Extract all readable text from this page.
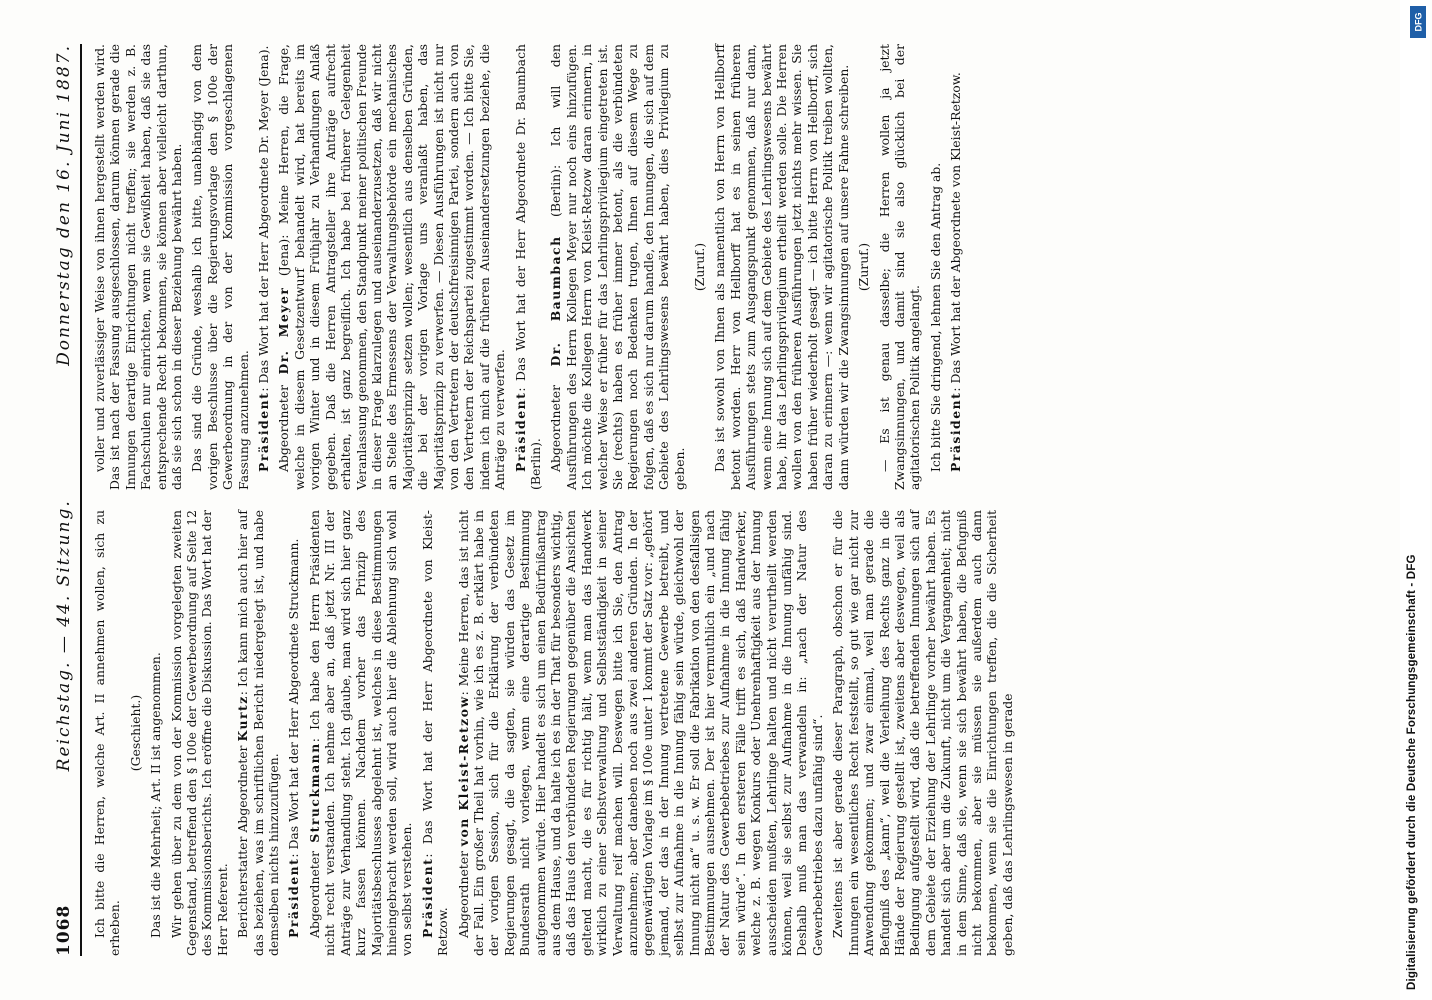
1068
Reichstag. — 44. Sitzung.
Donnerstag den 16. Juni 1887.

Ich bitte die Herren, welche Art. II annehmen wollen, sich zu erheben.

(Geschieht.) Das ist die Mehrheit; Art. II ist angenommen. Wir gehen über zu dem von der Kommission vorgelegten zweiten Gegenstand, betreffend den § 100e der Gewerbeordnung auf Seite 12 des Kommissionsberichts. Ich eröffne die Diskussion. Das Wort hat der Herr Referent. Berichterstatter Abgeordneter Kurtz: Ich kann mich auch hier auf das beziehen, was im schriftlichen Bericht niedergelegt ist, und habe demselben nichts hinzuzufügen. Präsident: Das Wort hat der Herr Abgeordnete Struckmann.

Abgeordneter Struckmann: Ich habe den Herrn Präsidenten nicht recht verstanden. Ich nehme aber an, daß jetzt Nr. III der Anträge zur Verhandlung steht. Ich glaube, man wird sich hier ganz kurz fassen können. Nachdem vorher das Prinzip des Majoritätsbeschlusses abgelehnt ist, welches in diese Bestimmungen hineingebracht werden soll, wird auch hier die Ablehnung sich wohl von selbst verstehen. Präsident: Das Wort hat der Herr Abgeordnete von Kleist-Retzow. Abgeordneter von Kleist-Retzow: Meine Herren, das ist nicht der Fall. Ein großer Theil hat vorhin, wie ich es z. B. erklärt habe in der vorigen Session, sich für die Erklärung der verbündeten Regierungen gesagt, die da sagten, sie würden das Gesetz im Bundesrath nicht vorlegen, wenn eine derartige Bestimmung aufgenommen würde. Hier handelt es sich um einen Bedürfnißantrag aus dem Hause, und da halte ich es in der That für besonders wichtig, daß das Haus den verbündeten Regierungen gegenüber die Ansichten geltend macht, die es für richtig hält, wenn man das Handwerk wirklich zu einer Selbstverwaltung und Selbstständigkeit in seiner Verwaltung reif machen will. Deswegen bitte ich Sie, den Antrag anzunehmen; aber daneben noch aus zwei anderen Gründen. In der gegenwärtigen Vorlage im § 100e unter 1 kommt der Satz vor: „gehört jemand, der das in der Innung vertretene Gewerbe betreibt, und selbst zur Aufnahme in die Innung fähig sein würde, gleichwohl der Innung nicht an“ u. s. w. Er soll die Fabrikation von den desfallsigen Bestimmungen ausnehmen. Der ist hier vermuthlich ein „und nach der Natur des Gewerbebetriebes zur Aufnahme in die Innung fähig sein würde“. In den ersteren Fälle trifft es sich, daß Handwerker, welche z. B. wegen Konkurs oder Unehrenhaftigkeit aus der Innung ausscheiden mußten, Lehrlinge halten und nicht verurtheilt werden können, weil sie selbst zur Aufnahme in die Innung unfähig sind. Deshalb muß man das verwandeln in: „nach der Natur des Gewerbebetriebes dazu unfähig sind“. Zweitens ist aber gerade dieser Paragraph, obschon er für die Innungen ein wesentliches Recht feststellt, so gut wie gar nicht zur Anwendung gekommen; und zwar einmal, weil man gerade die Befugniß des „kann“, weil die Verleihung des Rechts ganz in die Hände der Regierung gestellt ist, zweitens aber deswegen, weil als Bedingung aufgestellt wird, daß die betreffenden Innungen sich auf dem Gebiete der Erziehung der Lehrlinge vorher bewährt haben. Es handelt sich aber um die Zukunft, nicht um die Vergangenheit; nicht in dem Sinne, daß sie, wenn sie sich bewährt haben, die Befugniß nicht bekommen, aber sie müssen sie außerdem auch dann bekommen, wenn sie die Einrichtungen treffen, die die Sicherheit geben, daß das Lehrlingswesen in gerade

voller und zuverlässiger Weise von ihnen hergestellt werden wird. Das ist nach der Fassung ausgeschlossen, darum können gerade die Innungen derartige Einrichtungen nicht treffen; sie werden z. B. Fachschulen nur einrichten, wenn sie Gewißheit haben, daß sie das entsprechende Recht bekommen, sie können aber vielleicht darthun, daß sie sich schon in dieser Beziehung bewährt haben. Das sind die Gründe, weshalb ich bitte, unabhängig von dem vorigen Beschlusse über die Regierungsvorlage den § 100e der Gewerbeordnung in der von der Kommission vorgeschlagenen Fassung anzunehmen. Präsident: Das Wort hat der Herr Abgeordnete Dr. Meyer (Jena).

Abgeordneter Dr. Meyer (Jena): Meine Herren, die Frage, welche in diesem Gesetzentwurf behandelt wird, hat bereits im vorigen Winter und in diesem Frühjahr zu Verhandlungen Anlaß gegeben. Daß die Herren Antragsteller ihre Anträge aufrecht erhalten, ist ganz begreiflich. Ich habe bei früherer Gelegenheit Veranlassung genommen, den Standpunkt meiner politischen Freunde in dieser Frage klarzulegen und auseinanderzusetzen, daß wir nicht an Stelle des Ermessens der Verwaltungsbehörde ein mechanisches Majoritätsprinzip setzen wollen; wesentlich aus denselben Gründen, die bei der vorigen Vorlage uns veranlaßt haben, das Majoritätsprinzip zu verwerfen. — Diesen Ausführungen ist nicht nur von den Vertretern der deutschfreisinnigen Partei, sondern auch von den Vertretern der Reichspartei zugestimmt worden. — Ich bitte Sie, indem ich mich auf die früheren Auseinandersetzungen beziehe, die Anträge zu verwerfen. Präsident: Das Wort hat der Herr Abgeordnete Dr. Baumbach (Berlin). Abgeordneter Dr. Baumbach (Berlin): Ich will den Ausführungen des Herrn Kollegen Meyer nur noch eins hinzufügen. Ich möchte die Kollegen Herrn von Kleist-Retzow daran erinnern, in welcher Weise er früher für das Lehrlingsprivilegium eingetreten ist. Sie (rechts) haben es früher immer betont, als die verbündeten Regierungen noch Bedenken trugen, Ihnen auf diesem Wege zu folgen, daß es sich nur darum handle, den Innungen, die sich auf dem Gebiete des Lehrlingswesens bewährt haben, dies Privilegium zu geben.

(Zuruf.) Das ist sowohl von Ihnen als namentlich von Herrn von Hellborff betont worden. Herr von Hellborff hat es in seinen früheren Ausführungen stets zum Ausgangspunkt genommen, daß nur dann, wenn eine Innung sich auf dem Gebiete des Lehrlingswesens bewährt habe, ihr das Lehrlingsprivilegium ertheilt werden solle. Die Herren wollen von den früheren Ausführungen jetzt nichts mehr wissen. Sie haben früher wiederholt gesagt — ich bitte Herrn von Hellborff, sich daran zu erinnern —: wenn wir agitatorische Politik treiben wollten, dann würden wir die Zwangsinnungen auf unsere Fahne schreiben. (Zuruf.) — Es ist genau dasselbe; die Herren wollen ja jetzt Zwangsinnungen, und damit sind sie also glücklich bei der agitatorischen Politik angelangt. Ich bitte Sie dringend, lehnen Sie den Antrag ab. Präsident: Das Wort hat der Abgeordnete von Kleist-Retzow.

DFG
Digitalisierung gefördert durch die Deutsche Forschungsgemeinschaft - DFG
